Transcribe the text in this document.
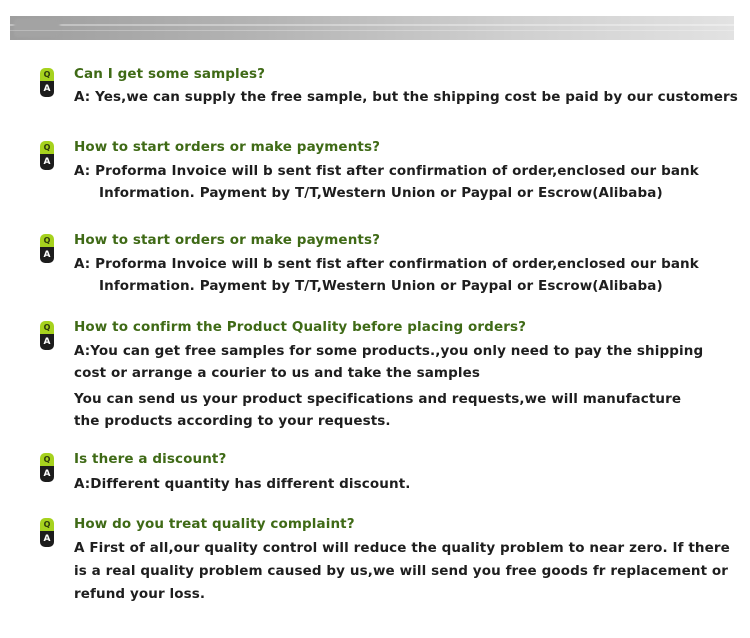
Q
A
Can I get some samples?
A: Yes,we can supply the free sample, but the shipping cost be paid by our customers
Q
A
How to start orders or make payments?
A: Proforma Invoice will b sent fist after confirmation of order,enclosed our bank
Information. Payment by T/T,Western Union or Paypal or Escrow(Alibaba)
Q
A
How to start orders or make payments?
A: Proforma Invoice will b sent fist after confirmation of order,enclosed our bank
Information. Payment by T/T,Western Union or Paypal or Escrow(Alibaba)
Q
A
How to confirm the Product Quality before placing orders?
A:You can get free samples for some products.,you only need to pay the shipping
cost or arrange a courier to us and take the samples
You can send us your product specifications and requests,we will manufacture
the products according to your requests.
Q
A
Is there a discount?
A:Different quantity has different discount.
Q
A
How do you treat quality complaint?
A First of all,our quality control will reduce the quality problem to near zero. If there
is a real quality problem caused by us,we will send you free goods fr replacement or
refund your loss.
